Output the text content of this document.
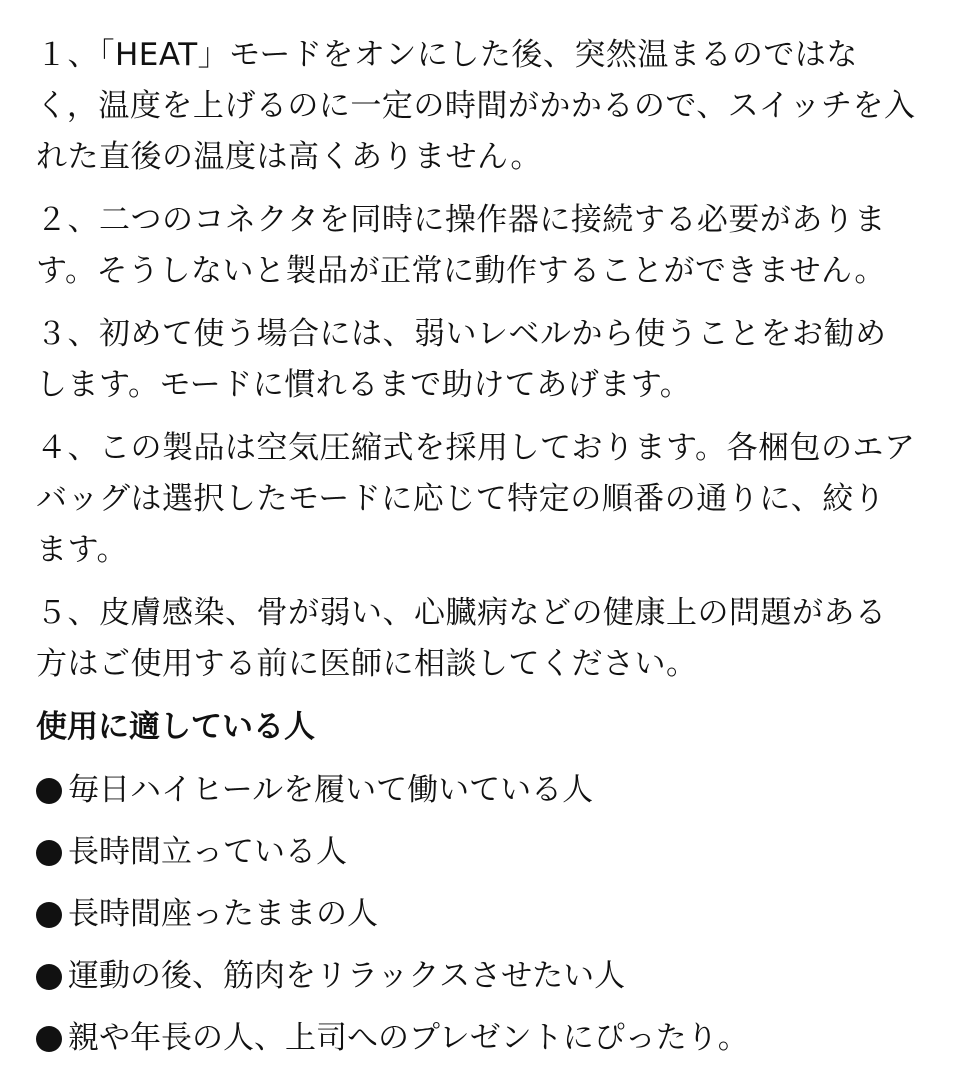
１、「HEAT」モードをオンにした後、突然温まるのではなく，温度を上げるのに一定の時間がかかるので、スイッチを入れた直後の温度は高くありません。

２、二つのコネクタを同時に操作器に接続する必要があります。そうしないと製品が正常に動作することができません。

３、初めて使う場合には、弱いレベルから使うことをお勧めします。モードに慣れるまで助けてあげます。

４、この製品は空気圧縮式を採用しております。各梱包のエアバッグは選択したモードに応じて特定の順番の通りに、絞ります。

５、皮膚感染、骨が弱い、心臓病などの健康上の問題がある方はご使用する前に医師に相談してください。

使用に適している人
毎日ハイヒールを履いて働いている人
長時間立っている人
長時間座ったままの人
運動の後、筋肉をリラックスさせたい人
親や年長の人、上司へのプレゼントにぴったり。
